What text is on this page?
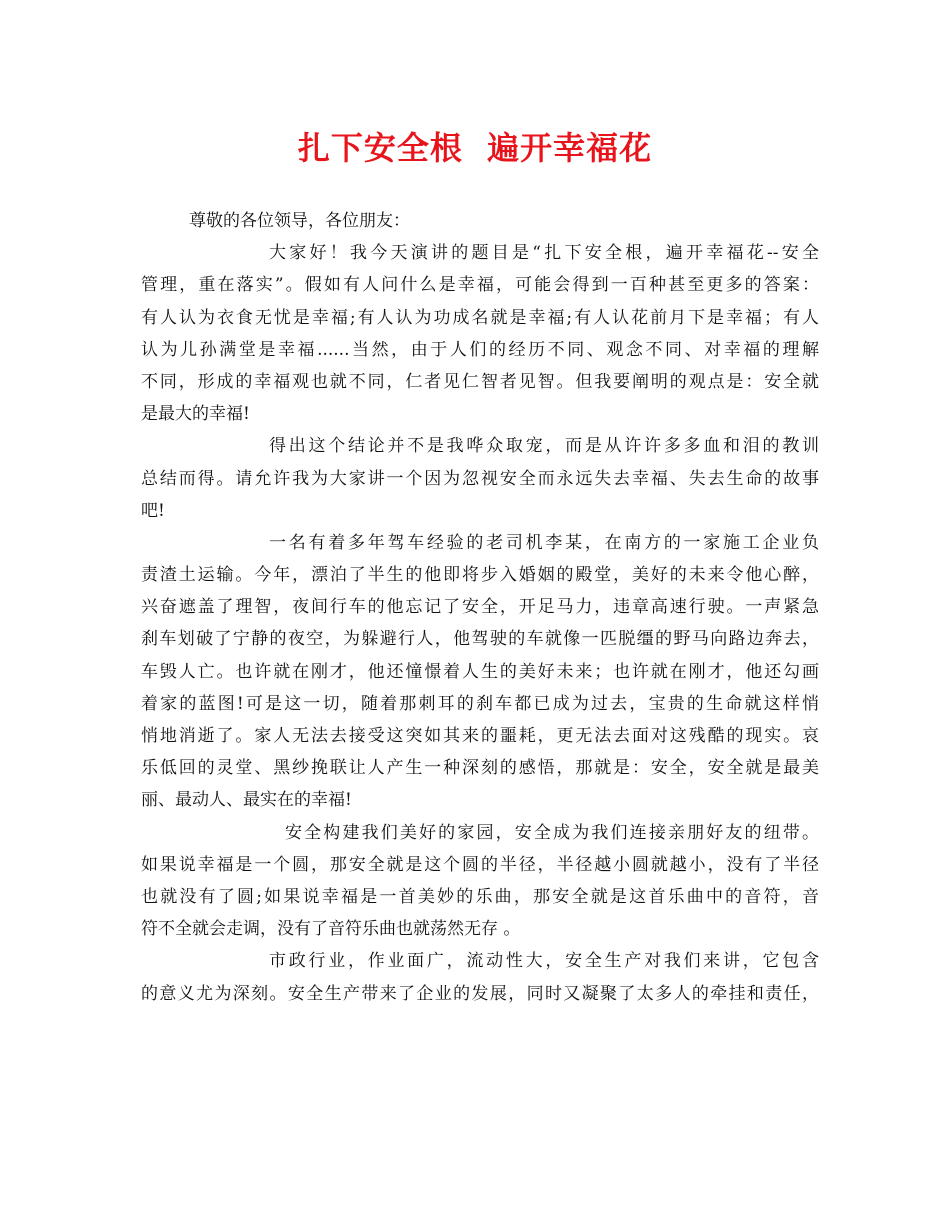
扎下安全根  遍开幸福花
尊敬的各位领导，各位朋友：
大家好！我今天演讲的题目是“扎下安全根，遍开幸福花--安全
管理，重在落实”。假如有人问什么是幸福，可能会得到一百种甚至更多的答案：
有人认为衣食无忧是幸福;有人认为功成名就是幸福;有人认花前月下是幸福；有人
认为儿孙满堂是幸福......当然，由于人们的经历不同、观念不同、对幸福的理解
不同，形成的幸福观也就不同，仁者见仁智者见智。但我要阐明的观点是：安全就
是最大的幸福!
得出这个结论并不是我哗众取宠，而是从许许多多血和泪的教训
总结而得。请允许我为大家讲一个因为忽视安全而永远失去幸福、失去生命的故事
吧!
一名有着多年驾车经验的老司机李某，在南方的一家施工企业负
责渣土运输。今年，漂泊了半生的他即将步入婚姻的殿堂，美好的未来令他心醉，
兴奋遮盖了理智，夜间行车的他忘记了安全，开足马力，违章高速行驶。一声紧急
刹车划破了宁静的夜空，为躲避行人，他驾驶的车就像一匹脱缰的野马向路边奔去，
车毁人亡。也许就在刚才，他还憧憬着人生的美好未来；也许就在刚才，他还勾画
着家的蓝图!可是这一切，随着那刺耳的刹车都已成为过去，宝贵的生命就这样悄
悄地消逝了。家人无法去接受这突如其来的噩耗，更无法去面对这残酷的现实。哀
乐低回的灵堂、黑纱挽联让人产生一种深刻的感悟，那就是：安全，安全就是最美
丽、最动人、最实在的幸福!
安全构建我们美好的家园，安全成为我们连接亲朋好友的纽带。
如果说幸福是一个圆，那安全就是这个圆的半径，半径越小圆就越小，没有了半径
也就没有了圆;如果说幸福是一首美妙的乐曲，那安全就是这首乐曲中的音符，音
符不全就会走调，没有了音符乐曲也就荡然无存 。
市政行业，作业面广，流动性大，安全生产对我们来讲，它包含
的意义尤为深刻。安全生产带来了企业的发展，同时又凝聚了太多人的牵挂和责任，
